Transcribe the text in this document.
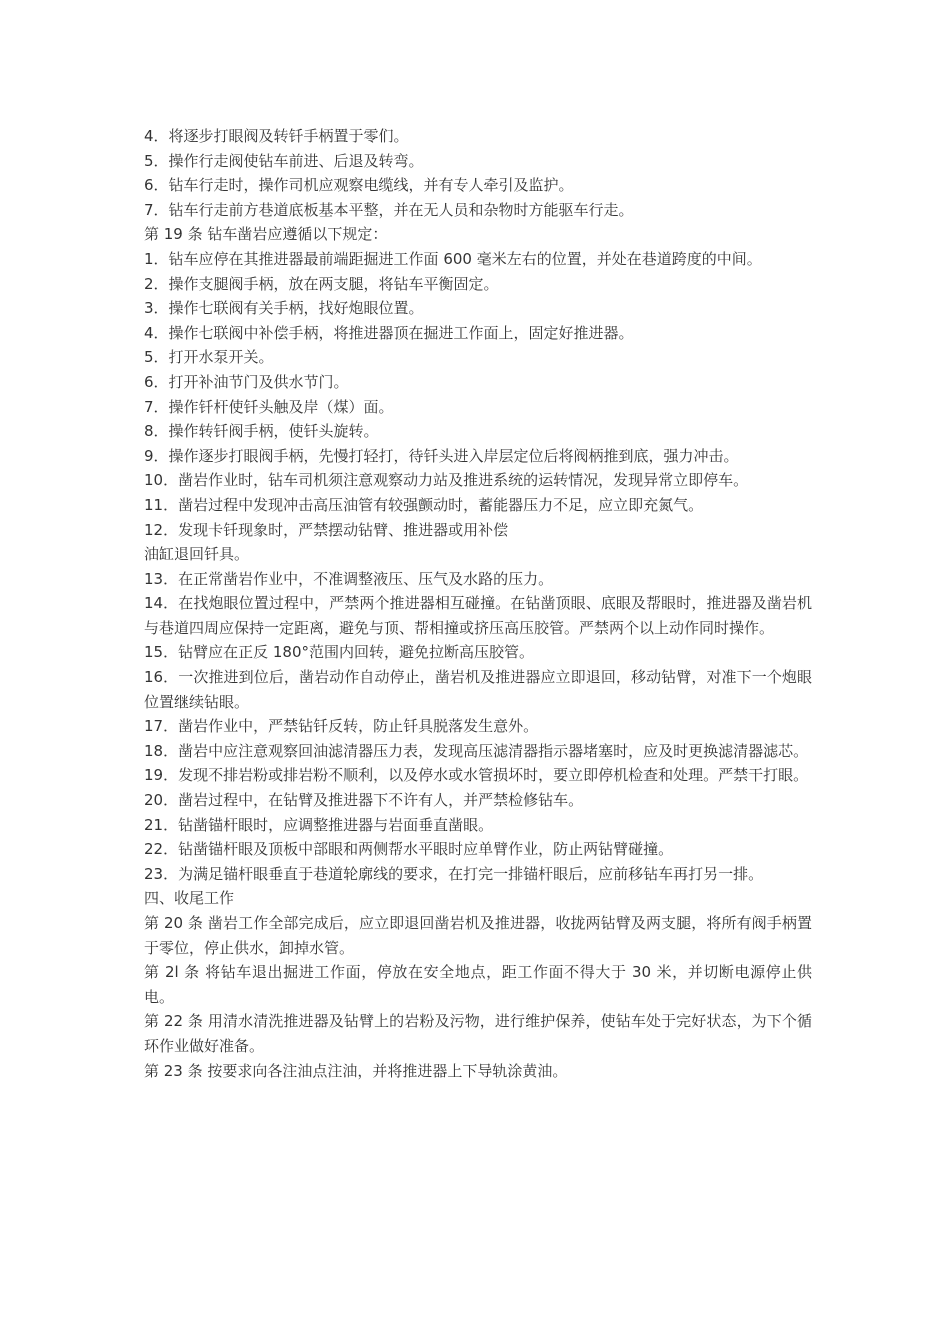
4．将逐步打眼阀及转钎手柄置于零们。

5．操作行走阀使钻车前进、后退及转弯。

6．钻车行走时，操作司机应观察电缆线，并有专人牵引及监护。

7．钻车行走前方巷道底板基本平整，并在无人员和杂物时方能驱车行走。

第 19 条 钻车凿岩应遵循以下规定：

1．钻车应停在其推进器最前端距掘进工作面 600 毫米左右的位置，并处在巷道跨度的中间。

2．操作支腿阀手柄，放在两支腿，将钻车平衡固定。

3．操作七联阀有关手柄，找好炮眼位置。

4．操作七联阀中补偿手柄，将推进器顶在掘进工作面上，固定好推进器。

5．打开水泵开关。

6．打开补油节门及供水节门。

7．操作钎杆使钎头触及岸（煤）面。

8．操作转钎阀手柄，使钎头旋转。

9．操作逐步打眼阀手柄，先慢打轻打，待钎头进入岸层定位后将阀柄推到底，强力冲击。

10．凿岩作业时，钻车司机须注意观察动力站及推进系统的运转情况，发现异常立即停车。

11．凿岩过程中发现冲击高压油管有较强颤动时，蓄能器压力不足，应立即充氮气。

12．发现卡钎现象时，严禁摆动钻臂、推进器或用补偿

油缸退回钎具。

13．在正常凿岩作业中，不准调整液压、压气及水路的压力。

14．在找炮眼位置过程中，严禁两个推进器相互碰撞。在钻凿顶眼、底眼及帮眼时，推进器及凿岩机与巷道四周应保持一定距离，避免与顶、帮相撞或挤压高压胶管。严禁两个以上动作同时操作。

15．钻臂应在正反 180°范围内回转，避免拉断高压胶管。

16．一次推进到位后，凿岩动作自动停止，凿岩机及推进器应立即退回，移动钻臂，对准下一个炮眼位置继续钻眼。

17．凿岩作业中，严禁钻钎反转，防止钎具脱落发生意外。

18．凿岩中应注意观察回油滤清器压力表，发现高压滤清器指示器堵塞时，应及时更换滤清器滤芯。

19．发现不排岩粉或排岩粉不顺利，以及停水或水管损坏时，要立即停机检查和处理。严禁干打眼。

20．凿岩过程中，在钻臂及推进器下不许有人，并严禁检修钻车。

21．钻凿锚杆眼时，应调整推进器与岩面垂直凿眼。

22．钻凿锚杆眼及顶板中部眼和两侧帮水平眼时应单臂作业，防止两钻臂碰撞。

23．为满足锚杆眼垂直于巷道轮廓线的要求，在打完一排锚杆眼后，应前移钻车再打另一排。

四、收尾工作

第 20 条 凿岩工作全部完成后，应立即退回凿岩机及推进器，收拢两钻臂及两支腿，将所有阀手柄置于零位，停止供水，卸掉水管。

第 2l 条 将钻车退出掘进工作面，停放在安全地点，距工作面不得大于 30 米，并切断电源停止供电。

第 22 条 用清水清洗推进器及钻臂上的岩粉及污物，进行维护保养，使钻车处于完好状态，为下个循环作业做好准备。

第 23 条 按要求向各注油点注油，并将推进器上下导轨涂黄油。
